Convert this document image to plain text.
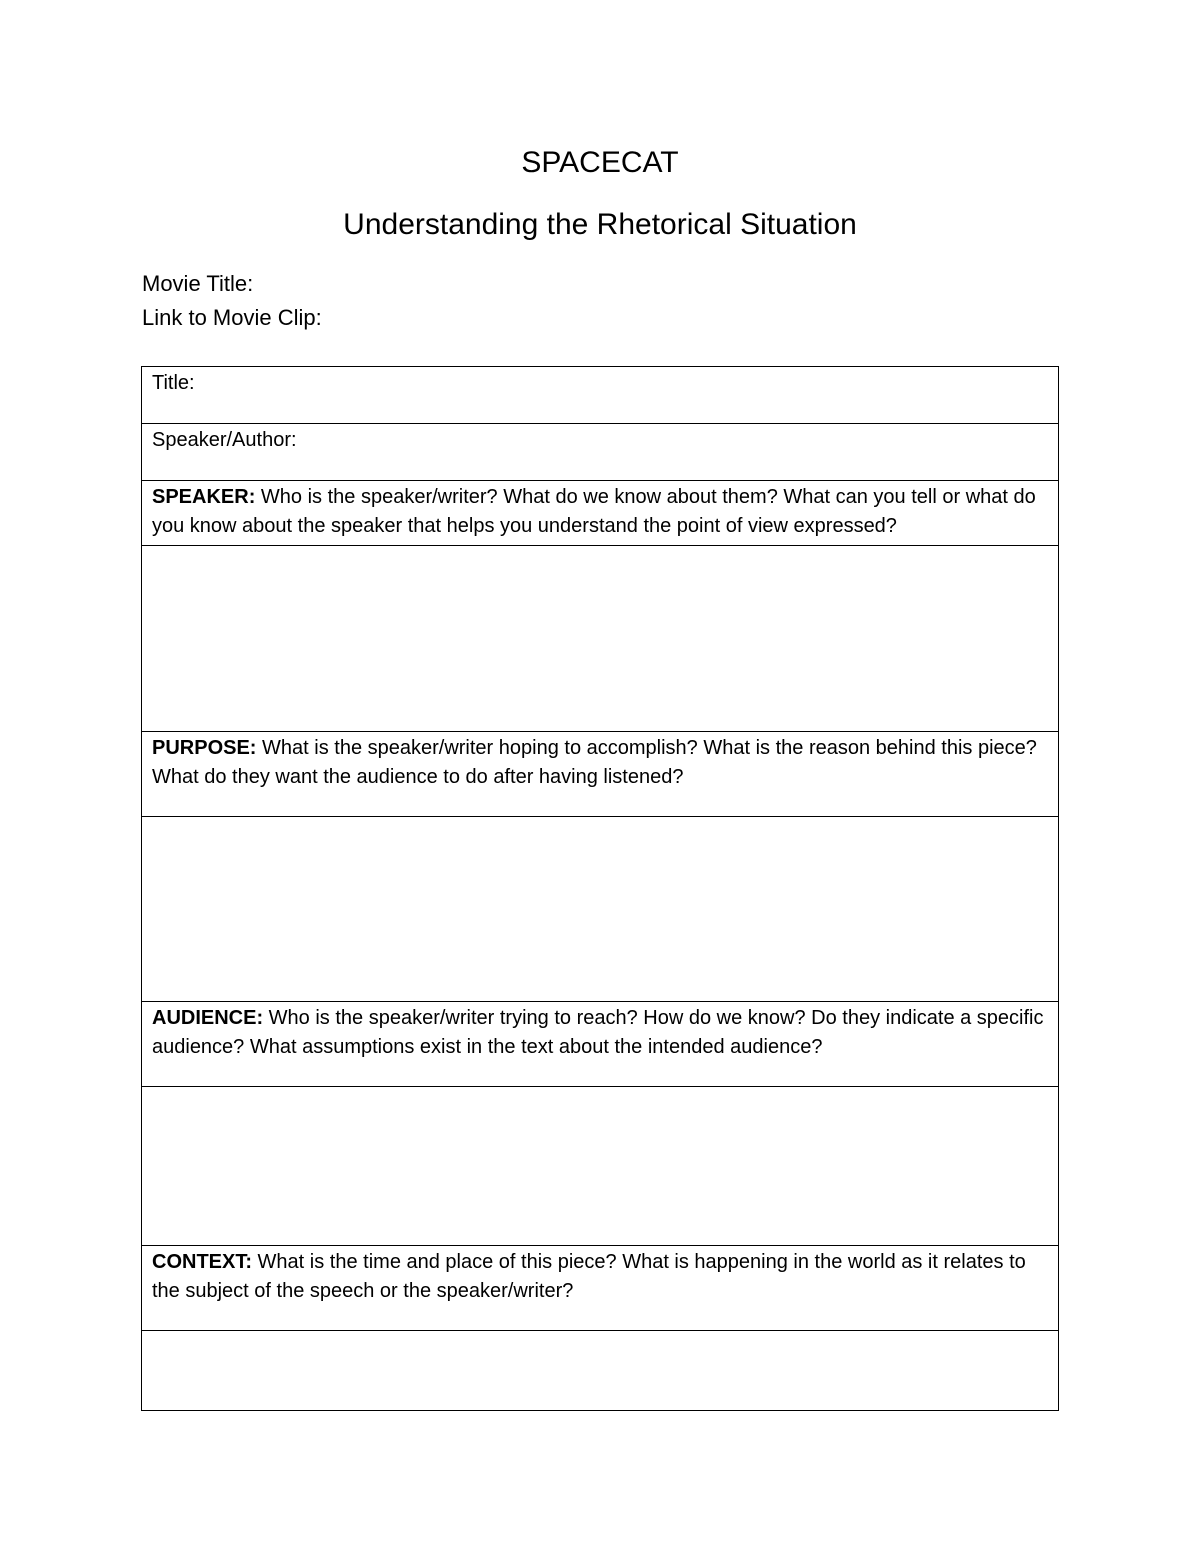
SPACECAT
Understanding the Rhetorical Situation
Movie Title:
Link to Movie Clip:
Title:
Speaker/Author:
SPEAKER: Who is the speaker/writer? What do we know about them? What can you tell or what do you know about the speaker that helps you understand the point of view expressed?

PURPOSE: What is the speaker/writer hoping to accomplish? What is the reason behind this piece? What do they want the audience to do after having listened?

AUDIENCE: Who is the speaker/writer trying to reach? How do we know? Do they indicate a specific audience? What assumptions exist in the text about the intended audience?

CONTEXT: What is the time and place of this piece? What is happening in the world as it relates to the subject of the speech or the speaker/writer?
